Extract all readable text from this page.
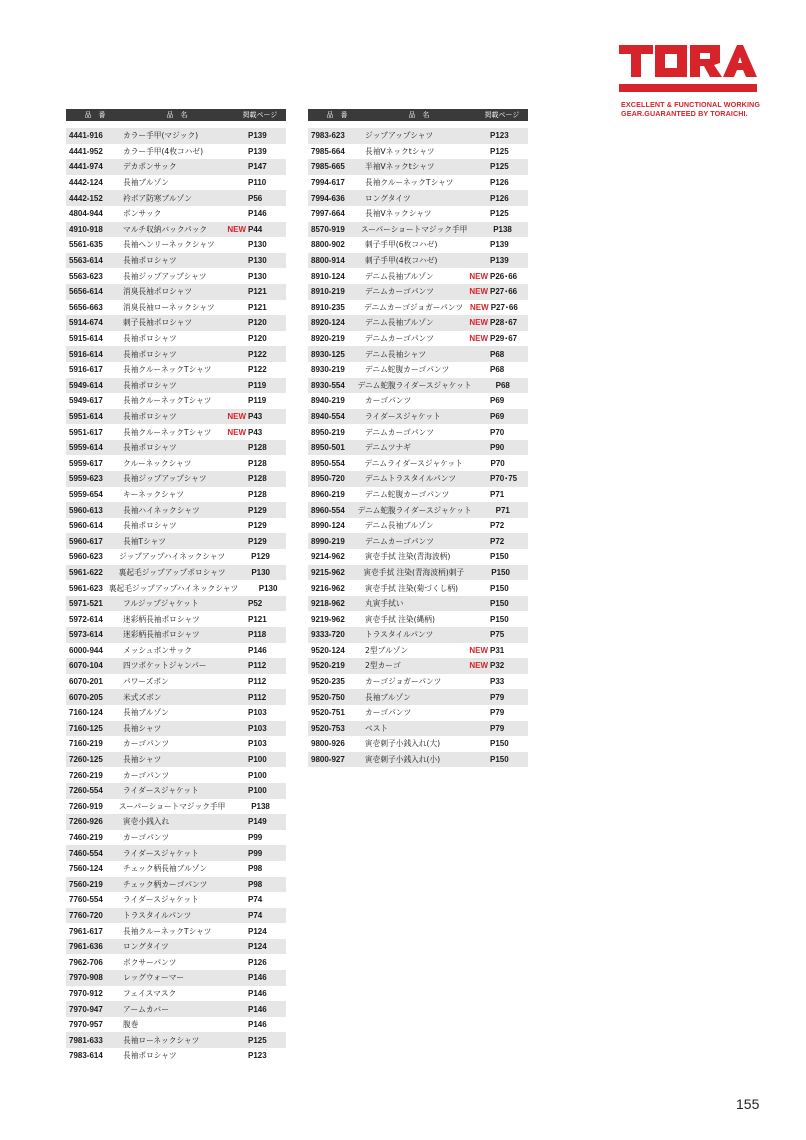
EXCELLENT & FUNCTIONAL WORKING
GEAR.GUARANTEED BY TORAICHI.
品　番	品　名	掲載ページ
4441-916	カラー手甲(マジック)	P139
4441-952	カラー手甲(4枚コハゼ)	P139
4441-974	デカポンサック	P147
4442-124	長袖ブルゾン	P110
4442-152	衿ボア防寒ブルゾン	P56
4804-944	ボンサック	P146
4910-918	マルチ収納バックパック	NEW P44
5561-635	長袖ヘンリーネックシャツ	P130
5563-614	長袖ポロシャツ	P130
5563-623	長袖ジップアップシャツ	P130
5656-614	消臭長袖ポロシャツ	P121
5656-663	消臭長袖ローネックシャツ	P121
5914-674	刺子長袖ポロシャツ	P120
5915-614	長袖ポロシャツ	P120
5916-614	長袖ポロシャツ	P122
5916-617	長袖クルーネックTシャツ	P122
5949-614	長袖ポロシャツ	P119
5949-617	長袖クルーネックTシャツ	P119
5951-614	長袖ポロシャツ	NEW P43
5951-617	長袖クルーネックTシャツ	NEW P43
5959-614	長袖ポロシャツ	P128
5959-617	クルーネックシャツ	P128
5959-623	長袖ジップアップシャツ	P128
5959-654	キーネックシャツ	P128
5960-613	長袖ハイネックシャツ	P129
5960-614	長袖ポロシャツ	P129
5960-617	長袖Tシャツ	P129
5960-623	ジップアップハイネックシャツ	P129
5961-622	裏起毛ジップアップポロシャツ	P130
5961-623 裏起毛ジップアップハイネックシャツ	P130
5971-521	フルジップジャケット	P52
5972-614	迷彩柄長袖ポロシャツ	P121
5973-614	迷彩柄長袖ポロシャツ	P118
6000-944	メッシュボンサック	P146
6070-104	四ツポケットジャンパー	P112
6070-201	パワーズボン	P112
6070-205	米式ズボン	P112
7160-124	長袖ブルゾン	P103
7160-125	長袖シャツ	P103
7160-219	カーゴパンツ	P103
7260-125	長袖シャツ	P100
7260-219	カーゴパンツ	P100
7260-554	ライダースジャケット	P100
7260-919	スーパーショートマジック手甲	P138
7260-926	寅壱小銭入れ	P149
7460-219	カーゴパンツ	P99
7460-554	ライダースジャケット	P99
7560-124	チェック柄長袖ブルゾン	P98
7560-219	チェック柄カーゴパンツ	P98
7760-554	ライダースジャケット	P74
7760-720	トラスタイルパンツ	P74
7961-617	長袖クルーネックTシャツ	P124
7961-636	ロングタイツ	P124
7962-706	ボクサーパンツ	P126
7970-908	レッグウォーマー	P146
7970-912	フェイスマスク	P146
7970-947	アームカバー	P146
7970-957	腹巻	P146
7981-633	長袖ローネックシャツ	P125
7983-614	長袖ポロシャツ	P123
品　番	品　名	掲載ページ
7983-623	ジップアップシャツ	P123
7985-664	長袖Vネックtシャツ	P125
7985-665	半袖Vネックtシャツ	P125
7994-617	長袖クルーネックTシャツ	P126
7994-636	ロングタイツ	P126
7997-664	長袖Vネックシャツ	P125
8570-919	スーパーショートマジック手甲	P138
8800-902	刺子手甲(6枚コハゼ)	P139
8800-914	刺子手甲(4枚コハゼ)	P139
8910-124	デニム長袖ブルゾン	NEW P26･66
8910-219	デニムカーゴパンツ	NEW P27･66
8910-235	デニムカーゴジョガーパンツ NEW P27･66
8920-124	デニム長袖ブルゾン	NEW P28･67
8920-219	デニムカーゴパンツ	NEW P29･67
8930-125	デニム長袖シャツ	P68
8930-219	デニム蛇腹カーゴパンツ	P68
8930-554	デニム蛇腹ライダースジャケット	P68
8940-219	カーゴパンツ	P69
8940-554	ライダースジャケット	P69
8950-219	デニムカーゴパンツ	P70
8950-501	デニムツナギ	P90
8950-554	デニムライダースジャケット	P70
8950-720	デニムトラスタイルパンツ	P70･75
8960-219	デニム蛇腹カーゴパンツ	P71
8960-554	デニム蛇腹ライダースジャケット	P71
8990-124	デニム長袖ブルゾン	P72
8990-219	デニムカーゴパンツ	P72
9214-962	寅壱手拭 注染(青海波柄)	P150
9215-962	寅壱手拭 注染(青海波柄)刺子	P150
9216-962	寅壱手拭 注染(菊づくし柄)	P150
9218-962	丸寅手拭い	P150
9219-962	寅壱手拭 注染(縄柄)	P150
9333-720	トラスタイルパンツ	P75
9520-124	2型ブルゾン	NEW P31
9520-219	2型カーゴ	NEW P32
9520-235	カーゴジョガーパンツ	P33
9520-750	長袖ブルゾン	P79
9520-751	カーゴパンツ	P79
9520-753	ベスト	P79
9800-926	寅壱刺子小銭入れ(大)	P150
9800-927	寅壱刺子小銭入れ(小)	P150
155
